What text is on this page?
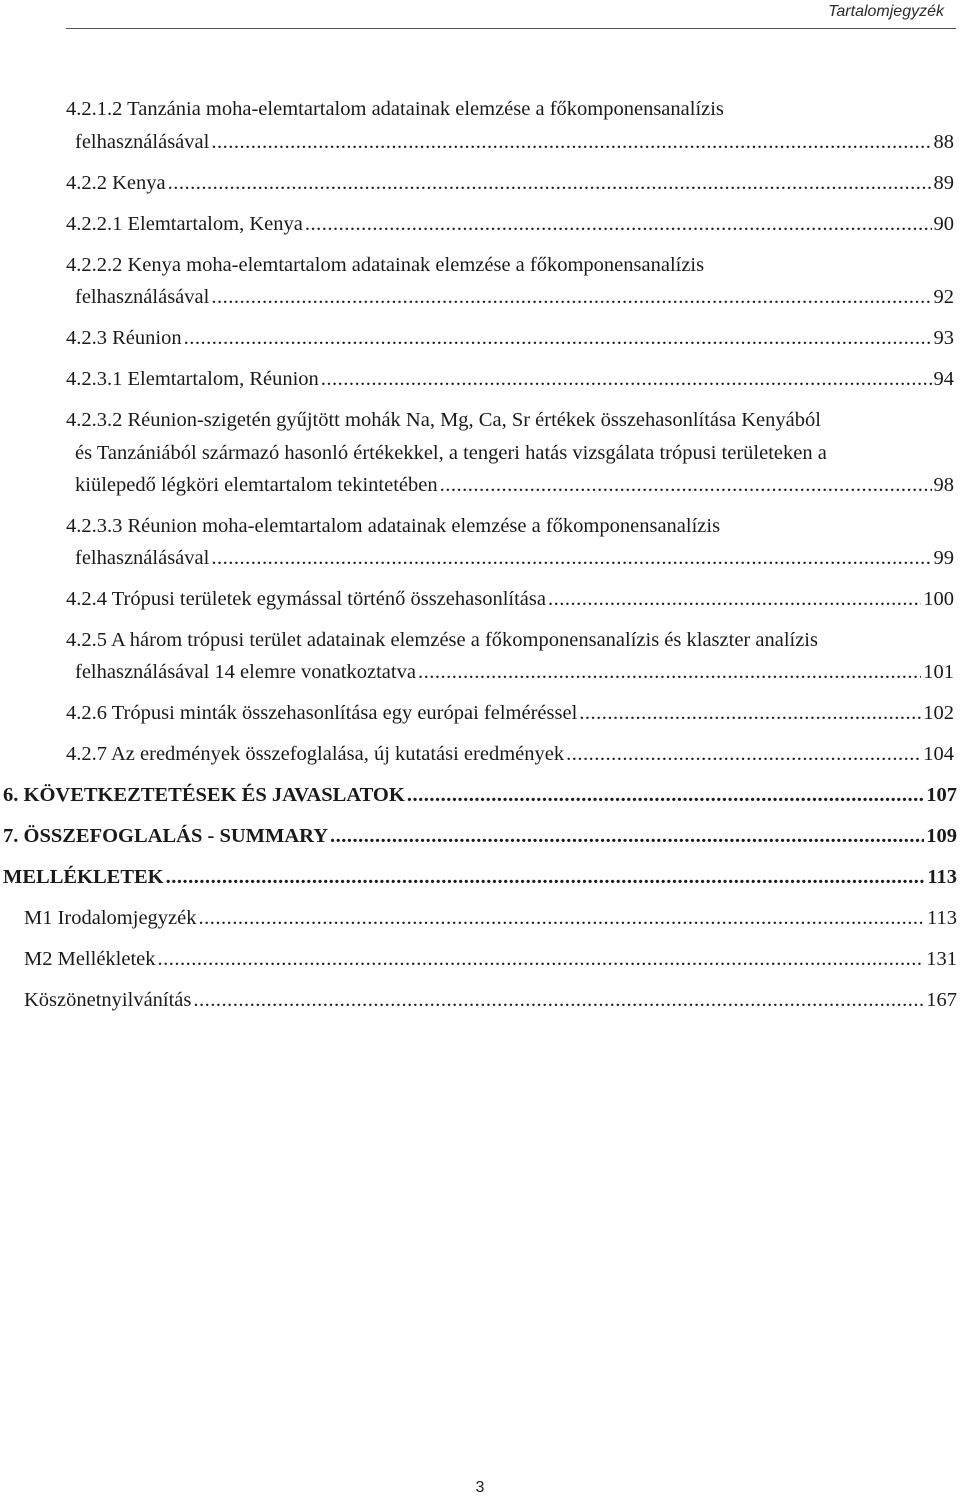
Tartalomjegyzék
4.2.1.2 Tanzánia moha-elemtartalom adatainak elemzése a főkomponensanalízis
felhasználásával .....	88
4.2.2 Kenya .....	89
4.2.2.1 Elemtartalom, Kenya .....	90
4.2.2.2 Kenya moha-elemtartalom adatainak elemzése a főkomponensanalízis
felhasználásával .....	92
4.2.3 Réunion .....	93
4.2.3.1 Elemtartalom, Réunion .....	94
4.2.3.2 Réunion-szigetén gyűjtött mohák Na, Mg, Ca, Sr értékek összehasonlítása Kenyából
és Tanzániából származó hasonló értékekkel, a tengeri hatás vizsgálata trópusi területeken a
kiülepedő légköri elemtartalom tekintetében .....	98
4.2.3.3 Réunion moha-elemtartalom adatainak elemzése a főkomponensanalízis
felhasználásával .....	99
4.2.4 Trópusi területek egymással történő összehasonlítása .....	100
4.2.5 A három trópusi terület adatainak elemzése a főkomponensanalízis és klaszter analízis
felhasználásával 14 elemre vonatkoztatva .....	101
4.2.6 Trópusi minták összehasonlítása egy európai felméréssel .....	102
4.2.7 Az eredmények összefoglalása, új kutatási eredmények .....	104
6. KÖVETKEZTETÉSEK ÉS JAVASLATOK .....	107
7. ÖSSZEFOGLALÁS - SUMMARY .....	109
MELLÉKLETEK .....	113
M1 Irodalomjegyzék .....	113
M2 Mellékletek .....	131
Köszönetnyilvánítás .....	167
3
